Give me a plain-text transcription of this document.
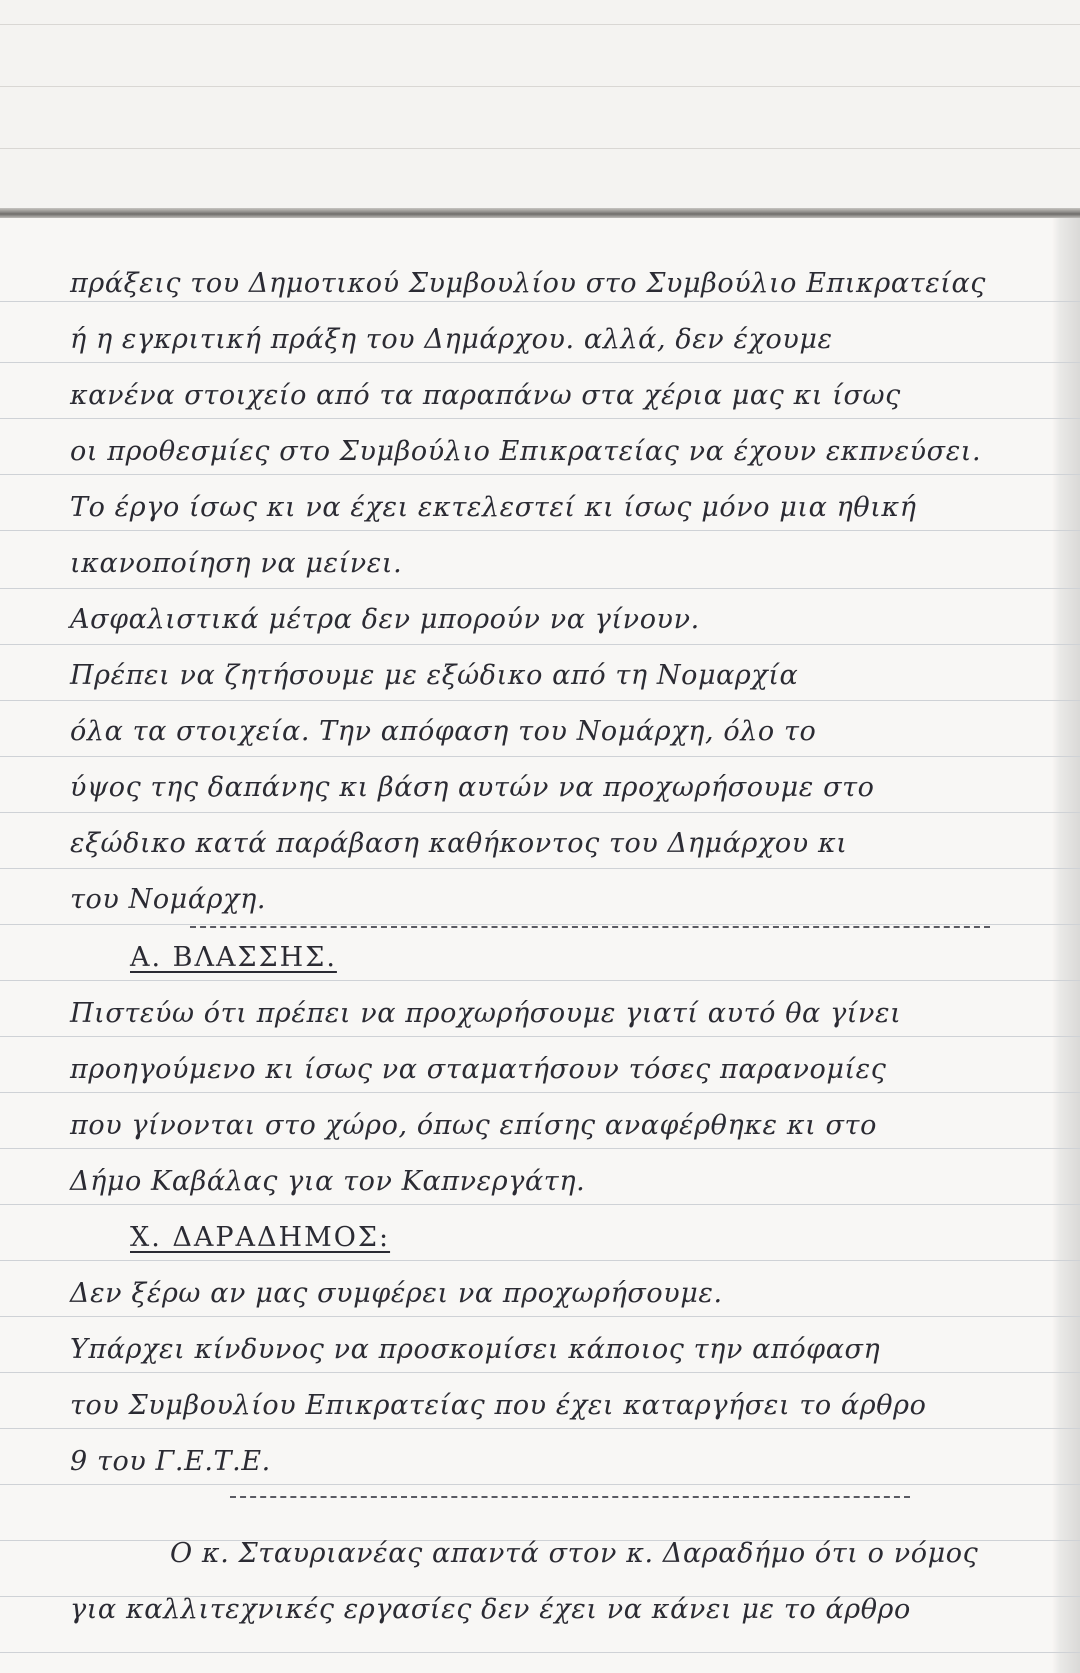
πράξεις του Δημοτικού Συμβουλίου στο Συμβούλιο Επικρατείας
ή η εγκριτική πράξη του Δημάρχου. αλλά, δεν έχουμε
κανένα στοιχείο από τα παραπάνω στα χέρια μας κι ίσως
οι προθεσμίες στο Συμβούλιο Επικρατείας να έχουν εκπνεύσει.
Το έργο ίσως κι να έχει εκτελεστεί κι ίσως μόνο μια ηθική
ικανοποίηση να μείνει.
Ασφαλιστικά μέτρα δεν μπορούν να γίνουν.
Πρέπει να ζητήσουμε με εξώδικο από τη Νομαρχία
όλα τα στοιχεία. Την απόφαση του Νομάρχη, όλο το
ύψος της δαπάνης κι βάση αυτών να προχωρήσουμε στο
εξώδικο κατά παράβαση καθήκοντος του Δημάρχου κι
του Νομάρχη.
Α. ΒΛΑΣΣΗΣ.
Πιστεύω ότι πρέπει να προχωρήσουμε γιατί αυτό θα γίνει
προηγούμενο κι ίσως να σταματήσουν τόσες παρανομίες
που γίνονται στο χώρο, όπως επίσης αναφέρθηκε κι στο
Δήμο Καβάλας για τον Καπνεργάτη.
Χ. ΔΑΡΑΔΗΜΟΣ:
Δεν ξέρω αν μας συμφέρει να προχωρήσουμε.
Υπάρχει κίνδυνος να προσκομίσει κάποιος την απόφαση
του Συμβουλίου Επικρατείας που έχει καταργήσει το άρθρο
9 του Γ.Ε.Τ.Ε.
Ο κ. Σταυριανέας απαντά στον κ. Δαραδήμο ότι ο νόμος
για καλλιτεχνικές εργασίες δεν έχει να κάνει με το άρθρο
